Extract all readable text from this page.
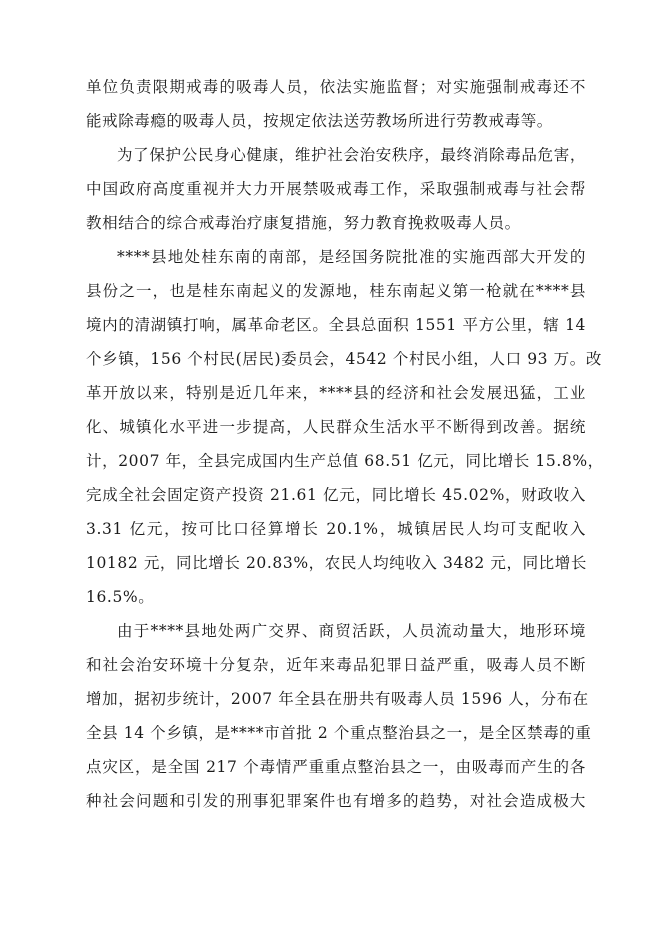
单位负责限期戒毒的吸毒人员，依法实施监督；对实施强制戒毒还不
能戒除毒瘾的吸毒人员，按规定依法送劳教场所进行劳教戒毒等。
为了保护公民身心健康，维护社会治安秩序，最终消除毒品危害，
中国政府高度重视并大力开展禁吸戒毒工作，采取强制戒毒与社会帮
教相结合的综合戒毒治疗康复措施，努力教育挽救吸毒人员。
****县地处桂东南的南部，是经国务院批准的实施西部大开发的
县份之一，也是桂东南起义的发源地，桂东南起义第一枪就在****县
境内的清湖镇打响，属革命老区。全县总面积 1551 平方公里，辖 14
个乡镇，156 个村民(居民)委员会，4542 个村民小组，人口 93 万。改
革开放以来，特别是近几年来，****县的经济和社会发展迅猛，工业
化、城镇化水平进一步提高，人民群众生活水平不断得到改善。据统
计，2007 年，全县完成国内生产总值 68.51 亿元，同比增长 15.8%，
完成全社会固定资产投资 21.61 亿元，同比增长 45.02%，财政收入
3.31 亿元，按可比口径算增长 20.1%，城镇居民人均可支配收入
10182 元，同比增长 20.83%，农民人均纯收入 3482 元，同比增长
16.5%。
由于****县地处两广交界、商贸活跃，人员流动量大，地形环境
和社会治安环境十分复杂，近年来毒品犯罪日益严重，吸毒人员不断
增加，据初步统计，2007 年全县在册共有吸毒人员 1596 人，分布在
全县 14 个乡镇，是****市首批 2 个重点整治县之一，是全区禁毒的重
点灾区，是全国 217 个毒情严重重点整治县之一，由吸毒而产生的各
种社会问题和引发的刑事犯罪案件也有增多的趋势，对社会造成极大
